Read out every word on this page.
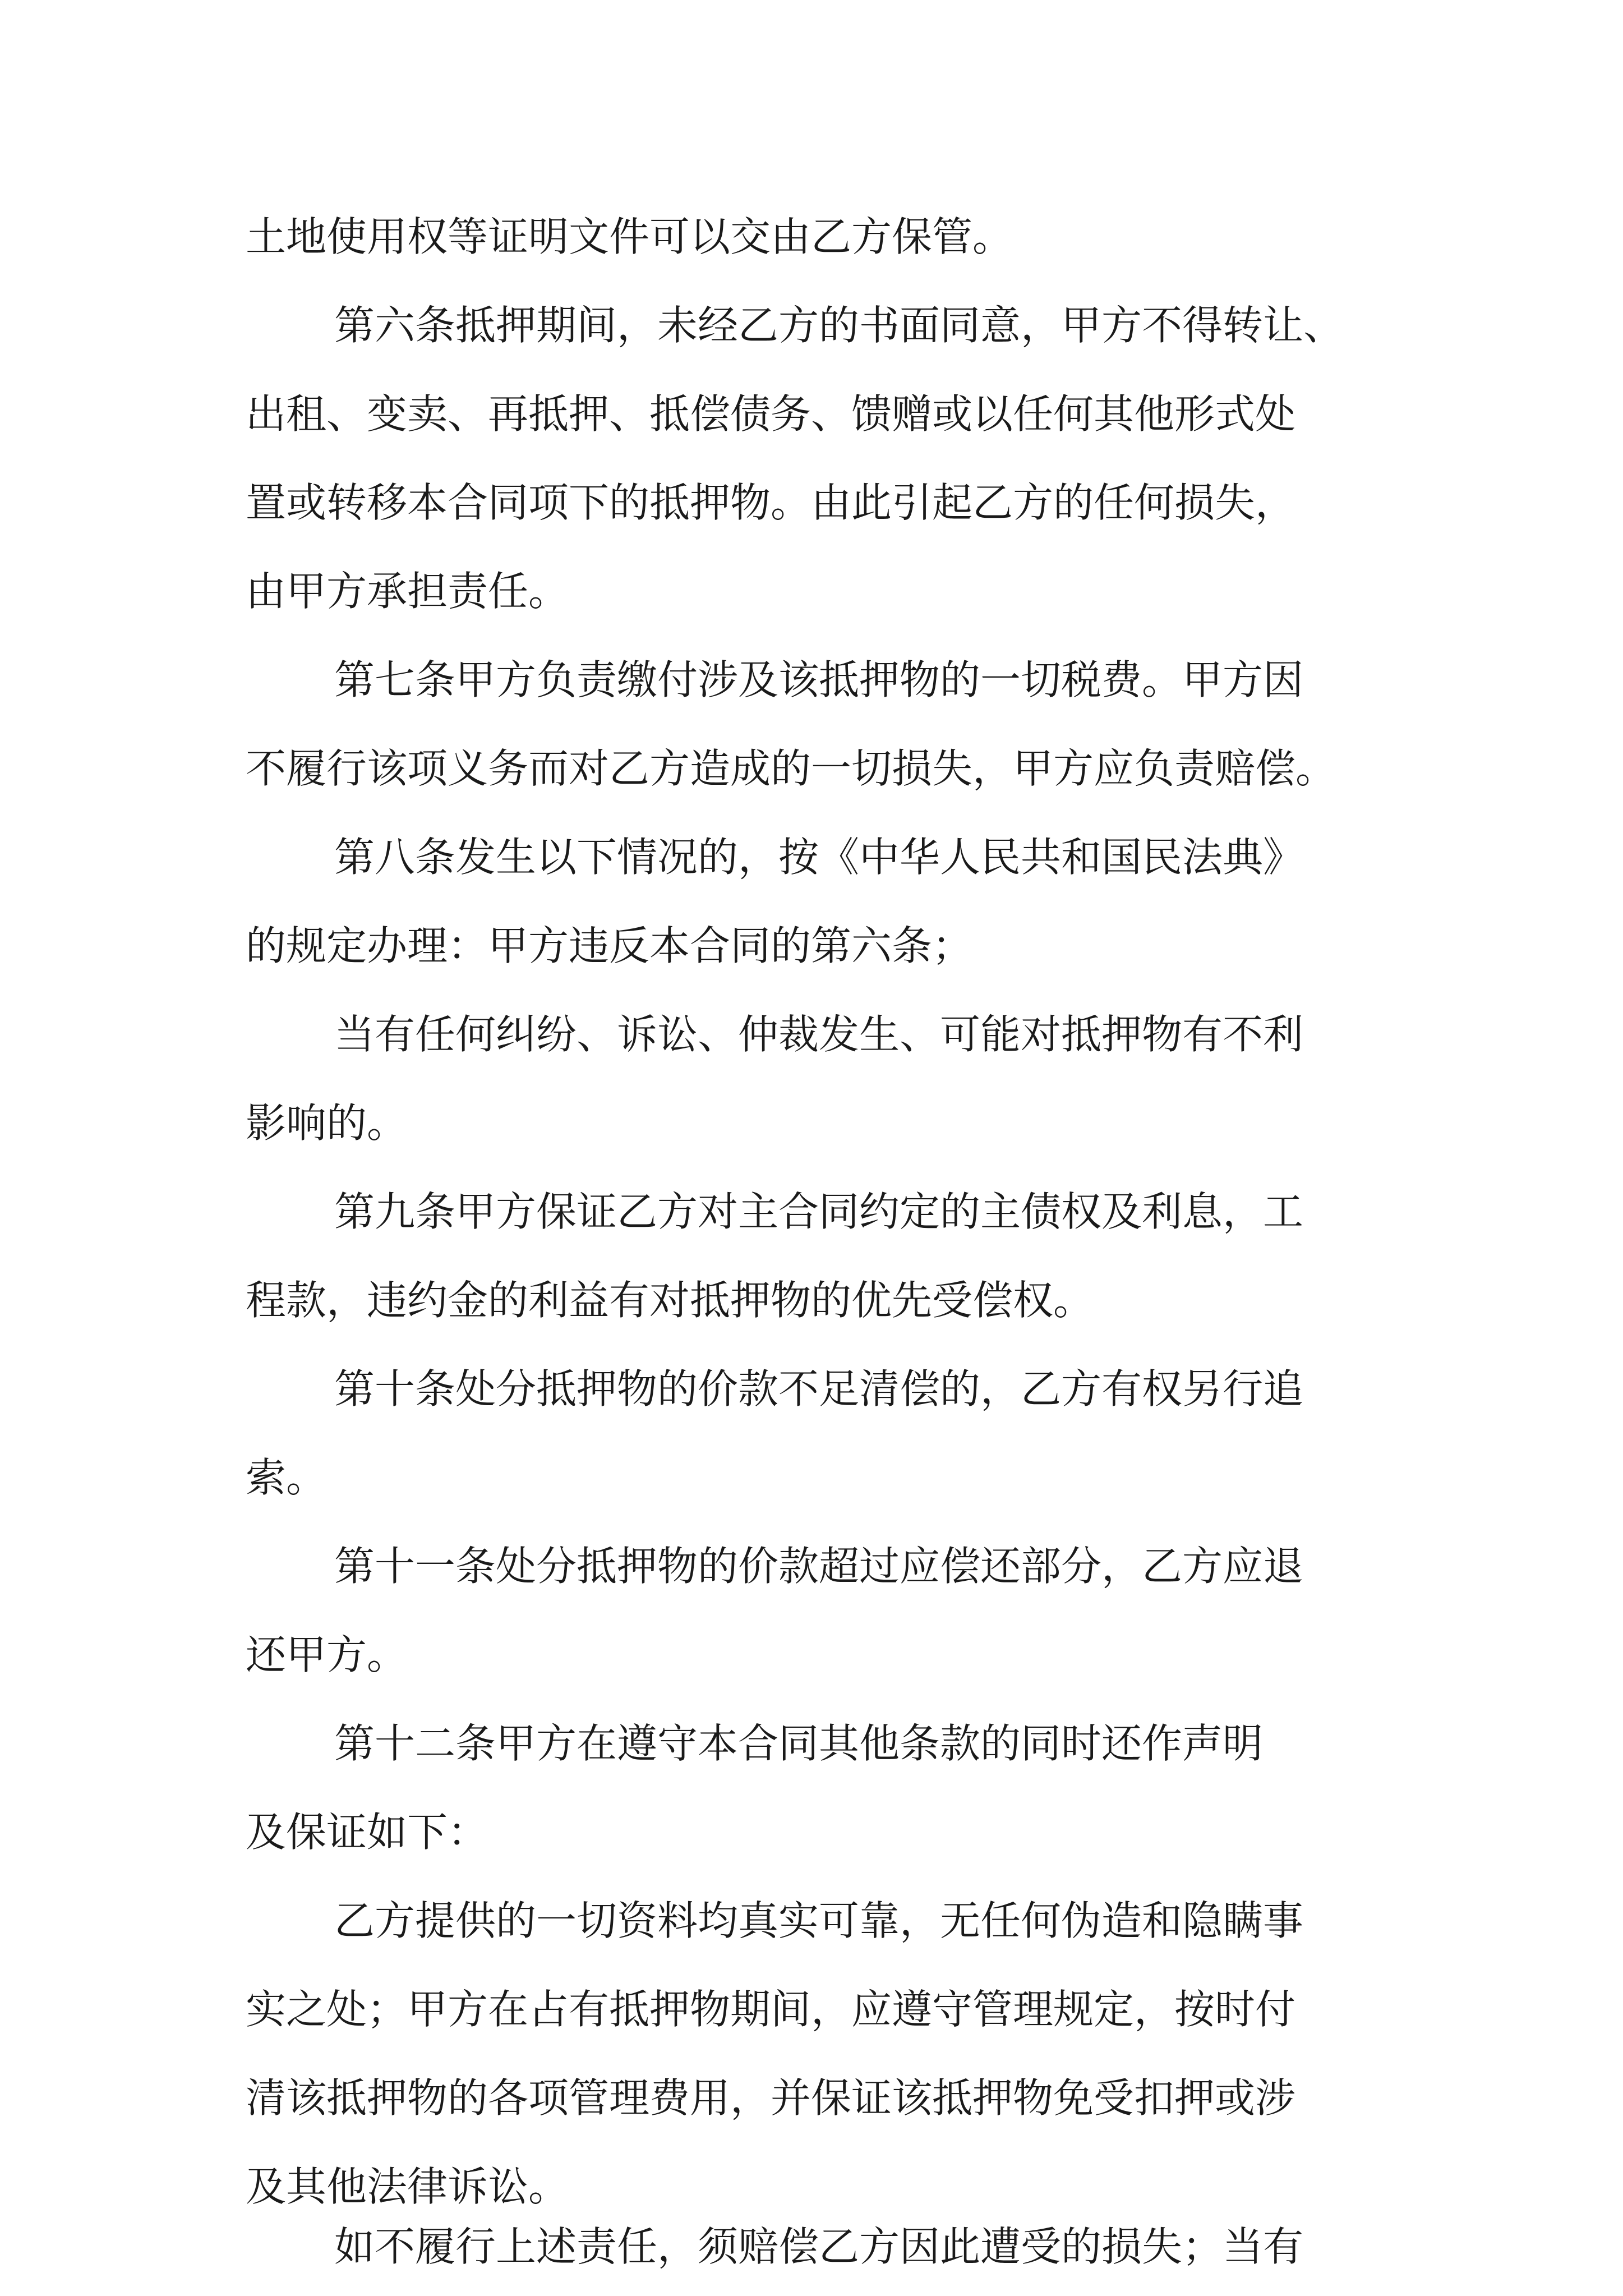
土地使用权等证明文件可以交由乙方保管。

第六条抵押期间，未经乙方的书面同意，甲方不得转让、

出租、变卖、再抵押、抵偿债务、馈赠或以任何其他形式处

置或转移本合同项下的抵押物。由此引起乙方的任何损失，

由甲方承担责任。

第七条甲方负责缴付涉及该抵押物的一切税费。甲方因

不履行该项义务而对乙方造成的一切损失，甲方应负责赔偿。

第八条发生以下情况的，按《中华人民共和国民法典》

的规定办理：甲方违反本合同的第六条；

当有任何纠纷、诉讼、仲裁发生、可能对抵押物有不利

影响的。

第九条甲方保证乙方对主合同约定的主债权及利息，工

程款，违约金的利益有对抵押物的优先受偿权。

第十条处分抵押物的价款不足清偿的，乙方有权另行追

索。

第十一条处分抵押物的价款超过应偿还部分，乙方应退

还甲方。

第十二条甲方在遵守本合同其他条款的同时还作声明

及保证如下：

乙方提供的一切资料均真实可靠，无任何伪造和隐瞒事

实之处；甲方在占有抵押物期间，应遵守管理规定，按时付

清该抵押物的各项管理费用，并保证该抵押物免受扣押或涉

及其他法律诉讼。

如不履行上述责任，须赔偿乙方因此遭受的损失；当有
